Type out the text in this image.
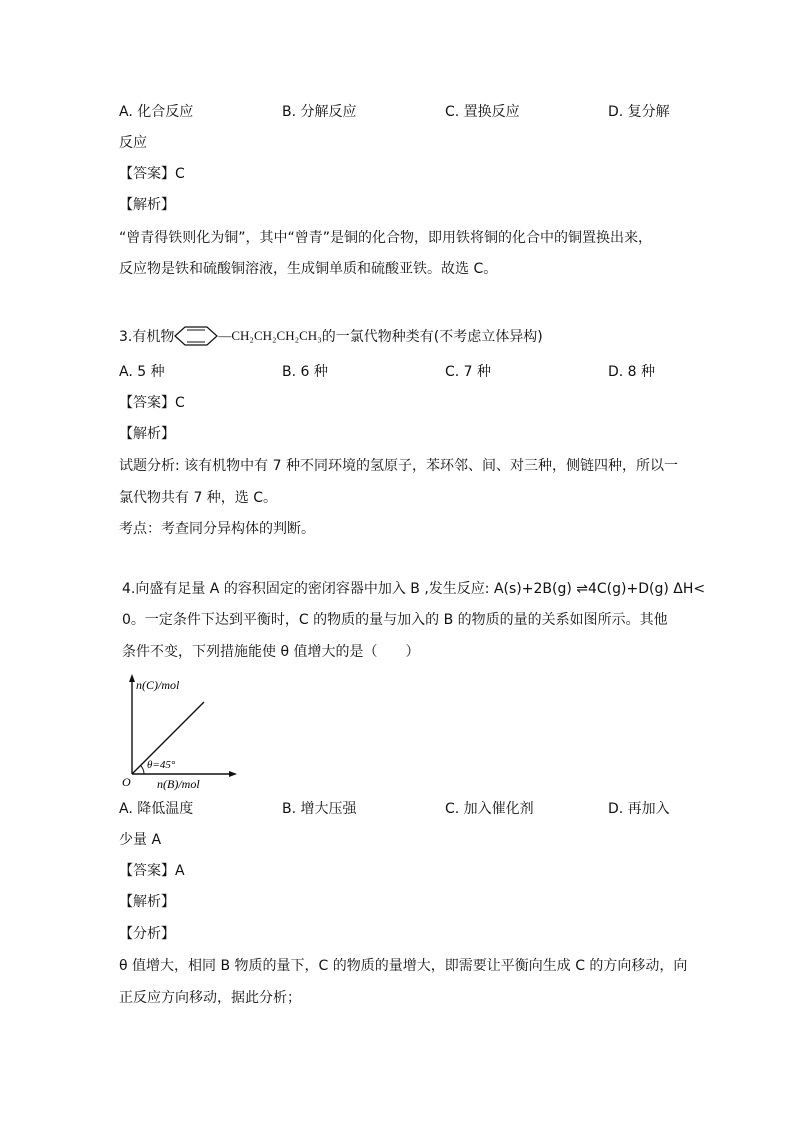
A. 化合反应	B. 分解反应	C. 置换反应	D. 复分解
反应
【答案】C
【解析】
“曾青得铁则化为铜”，其中“曾青”是铜的化合物，即用铁将铜的化合中的铜置换出来，
反应物是铁和硫酸铜溶液，生成铜单质和硫酸亚铁。故选 C。
3.有机物	—CH₂CH₂CH₂CH₃ 的一氯代物种类有(不考虑立体异构)
A. 5 种	B. 6 种	C. 7 种	D. 8 种
【答案】C
【解析】
试题分析: 该有机物中有 7 种不同环境的氢原子，苯环邻、间、对三种，侧链四种，所以一
氯代物共有 7 种，选 C。
考点：考查同分异构体的判断。
4.向盛有足量 A 的容积固定的密闭容器中加入 B ,发生反应: A(s)+2B(g) ⇌4C(g)+D(g) ΔH<
0。一定条件下达到平衡时，C 的物质的量与加入的 B 的物质的量的关系如图所示。其他
条件不变，下列措施能使 θ 值增大的是（　　）
n(C)/mol
n(B)/mol
O
θ=45°
A. 降低温度	B. 增大压强	C. 加入催化剂	D. 再加入
少量 A
【答案】A
【解析】
【分析】
θ 值增大，相同 B 物质的量下，C 的物质的量增大，即需要让平衡向生成 C 的方向移动，向
正反应方向移动，据此分析；
